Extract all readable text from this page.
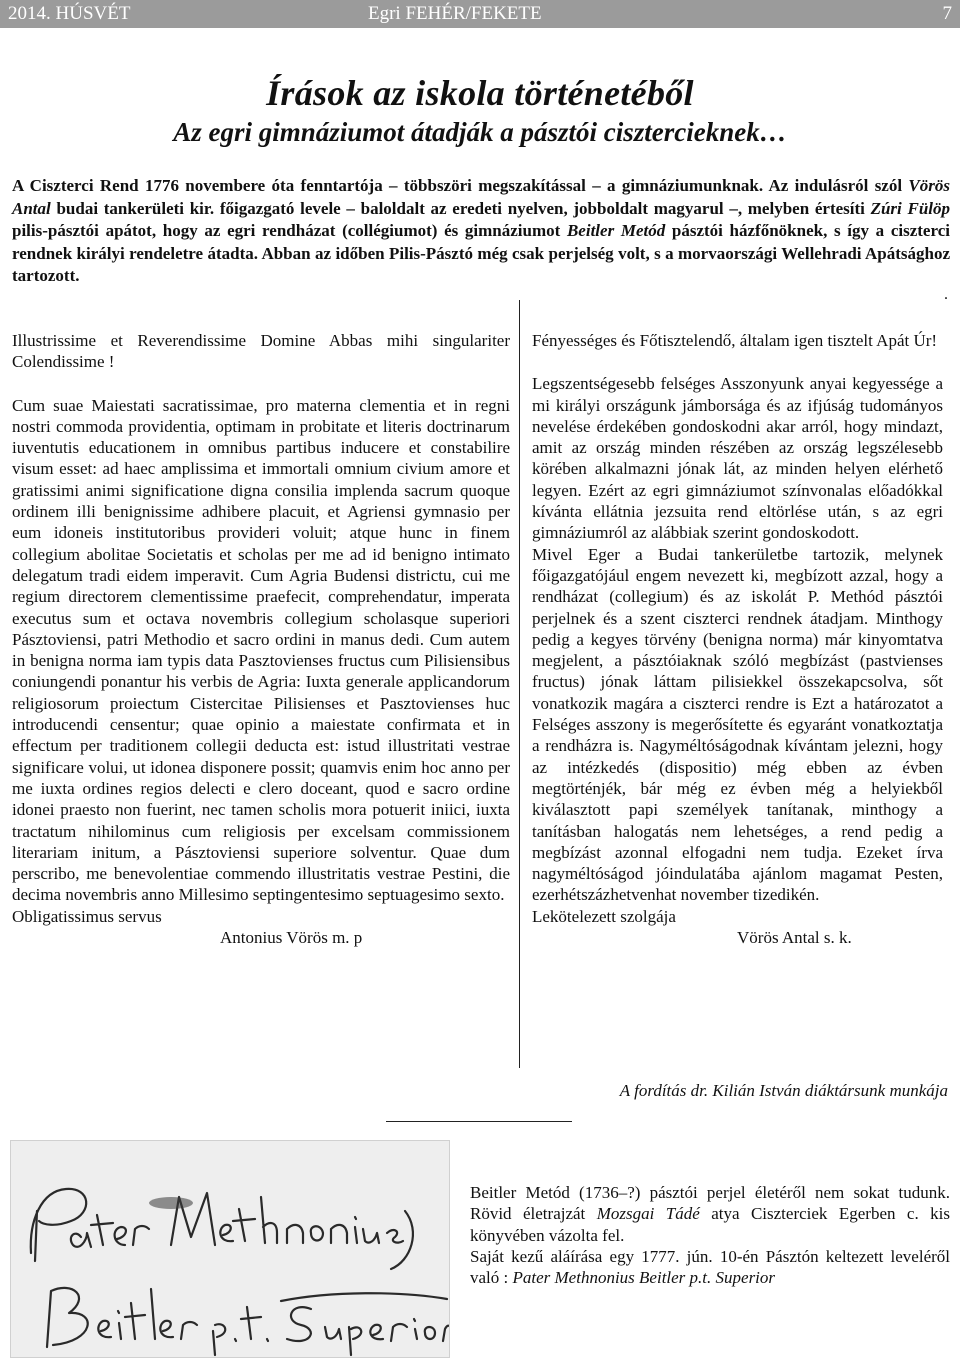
2014. HÚSVÉT	Egri FEHÉR/FEKETE	7
Írások az iskola történetéből
Az egri gimnáziumot átadják a pásztói cisztercieknek…
A Ciszterci Rend 1776 novembere óta fenntartója – többszöri megszakítással – a gimnáziumunknak. Az indulásról szól Vörös Antal budai tankerületi kir. főigazgató levele – baloldalt az eredeti nyelven, jobboldalt magyarul –, melyben értesíti Zúri Fülöp pilis-pásztói apátot, hogy az egri rendházat (collégiumot) és gimnáziumot Beitler Metód pásztói házfőnöknek, s így a ciszterci rendnek királyi rendeletre átadta. Abban az időben Pilis-Pásztó még csak perjelség volt, s a morvaországi Wellehradi Apátsághoz tartozott.
.

Illustrissime et Reverendissime Domine Abbas mihi singulariter Colendissime !

Cum suae Maiestati sacratissimae, pro materna clementia et in regni nostri commoda providentia, optimam in probitate et literis doctrinarum iuventutis educationem in omnibus partibus inducere et constabilire visum esset: ad haec amplissima et immortali omnium civium amore et gratissimi animi significatione digna consilia implenda sacrum quoque ordinem illi benignissime adhibere placuit, et Agriensi gymnasio per eum idoneis institutoribus provideri voluit; atque hunc in finem collegium abolitae Societatis et scholas per me ad id benigno intimato delegatum tradi eidem imperavit. Cum Agria Budensi districtu, cui me regium directorem clementissime praefecit, comprehendatur, imperata executus sum et octava novembris collegium scholasque superiori Pásztoviensi, patri Methodio et sacro ordini in manus dedi. Cum autem in benigna norma iam typis data Pasztovienses fructus cum Pilisiensibus coniungendi ponantur his verbis de Agria: Iuxta generale applicandorum religiosorum proiectum Cistercitae Pilisienses et Pasztovienses huc introducendi censentur; quae opinio a maiestate confirmata et in effectum per traditionem collegii deducta est: istud illustritati vestrae significare volui, ut idonea disponere possit; quamvis enim hoc anno per me iuxta ordines regios delecti e clero doceant, quod e sacro ordine idonei praesto non fuerint, nec tamen scholis mora potuerit iniici, iuxta tractatum nihilominus cum religiosis per excelsam commissionem literariam initum, a Pásztoviensi superiore solventur. Quae dum perscribo, me benevolentiae commendo illustritatis vestrae Pestini, die decima novembris anno Millesimo septingentesimo septuagesimo sexto.

Obligatissimus servus

Antonius Vörös m. p

Fényességes és Főtisztelendő, általam igen tisztelt Apát Úr!

Legszentségesebb felséges Asszonyunk anyai kegyessége a mi királyi országunk jámborsága és az ifjúság tudományos nevelése érdekében gondoskodni akar arról, hogy mindazt, amit az ország minden részében az ország legszélesebb körében alkalmazni jónak lát, az minden helyen elérhető legyen. Ezért az egri gimnáziumot színvonalas előadókkal kívánta ellátnia jezsuita rend eltörlése után, s az egri gimnáziumról az alábbiak szerint gondoskodott.

Mivel Eger a Budai tankerületbe tartozik, melynek főigazgatójául engem nevezett ki, megbízott azzal, hogy a rendházat (collegium) és az iskolát P. Methód pásztói perjelnek és a szent ciszterci rendnek átadjam. Minthogy pedig a kegyes törvény (benigna norma) már kinyomtatva megjelent, a pásztóiaknak szóló megbízást (pastvienses fructus) jónak láttam pilisiekkel összekapcsolva, sőt vonatkozik magára a ciszterci rendre is Ezt a határozatot a Felséges asszony is megerősítette és egyaránt vonatkoztatja a rendházra is. Nagyméltóságodnak kívántam jelezni, hogy az intézkedés (dispositio) még ebben az évben megtörténjék, bár még ez évben még a helyiekből kiválasztott papi személyek tanítanak, minthogy a tanításban halogatás nem lehetséges, a rend pedig a megbízást azonnal elfogadni nem tudja. Ezeket írva nagyméltóságod jóindulatába ajánlom magamat Pesten, ezerhétszázhetvenhat november tizedikén.

Lekötelezett szolgája

Vörös Antal s. k.

A fordítás dr. Kilián István diáktársunk munkája

Beitler Metód (1736–?) pásztói perjel életéről nem sokat tudunk. Rövid életrajzát Mozsgai Tádé atya Ciszterciek Egerben c. kis könyvében vázolta fel.

Saját kezű aláírása egy 1777. jún. 10-én Pásztón keltezett leveléről való : Pater Methnonius Beitler p.t. Superior
